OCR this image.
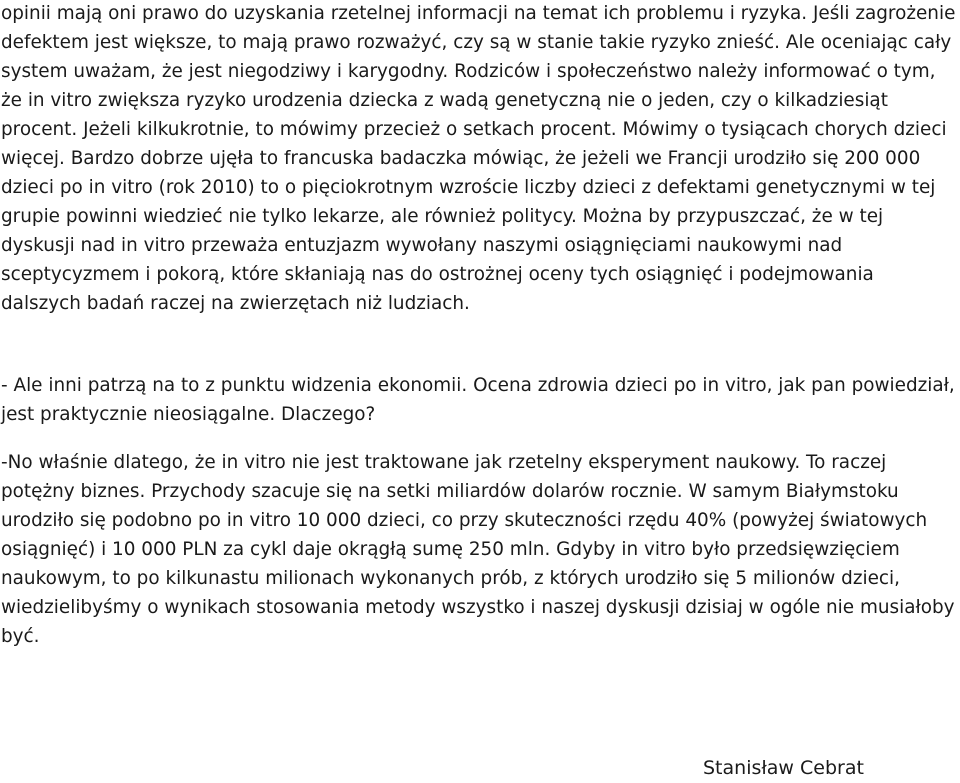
opinii mają oni prawo do uzyskania rzetelnej informacji na temat ich problemu i ryzyka. Jeśli zagrożenie defektem jest większe, to mają prawo rozważyć, czy są w stanie takie ryzyko znieść. Ale oceniając cały system uważam, że jest niegodziwy i karygodny. Rodziców i społeczeństwo należy informować o tym, że in vitro zwiększa ryzyko urodzenia dziecka z wadą genetyczną nie o jeden, czy o kilkadziesiąt procent. Jeżeli kilkukrotnie, to mówimy przecież o setkach procent. Mówimy o tysiącach chorych dzieci więcej. Bardzo dobrze ujęła to francuska badaczka mówiąc, że jeżeli we Francji urodziło się 200 000 dzieci po in vitro (rok 2010) to o pięciokrotnym wzroście liczby dzieci z defektami genetycznymi w tej grupie powinni wiedzieć nie tylko lekarze, ale również politycy. Można by przypuszczać, że w tej dyskusji nad in vitro przeważa entuzjazm wywołany naszymi osiągnięciami naukowymi nad sceptycyzmem i pokorą, które skłaniają nas do ostrożnej oceny tych osiągnięć i podejmowania dalszych badań raczej na zwierzętach niż ludziach.

- Ale inni patrzą na to z punktu widzenia ekonomii. Ocena zdrowia dzieci po in vitro, jak pan powiedział, jest praktycznie nieosiągalne. Dlaczego?

-No właśnie dlatego, że in vitro nie jest traktowane jak rzetelny eksperyment naukowy. To raczej potężny biznes. Przychody szacuje się na setki miliardów dolarów rocznie. W samym Białymstoku urodziło się podobno po in vitro 10 000 dzieci, co przy skuteczności rzędu 40% (powyżej światowych osiągnięć) i 10 000 PLN za cykl daje okrągłą sumę 250 mln. Gdyby in vitro było przedsięwzięciem naukowym, to po kilkunastu milionach wykonanych prób, z których urodziło się 5 milionów dzieci, wiedzielibyśmy o wynikach stosowania metody wszystko i naszej dyskusji dzisiaj w ogóle nie musiałoby być.

Stanisław Cebrat
